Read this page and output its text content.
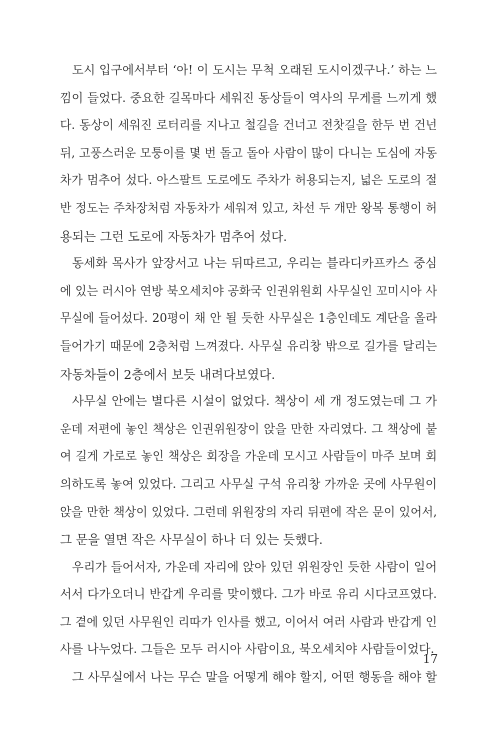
도시 입구에서부터 ‘아! 이 도시는 무척 오래된 도시이겠구나.’ 하는 느
낌이 들었다. 중요한 길목마다 세워진 동상들이 역사의 무게를 느끼게 했
다. 동상이 세워진 로터리를 지나고 철길을 건너고 전찻길을 한두 번 건넌
뒤, 고풍스러운 모퉁이를 몇 번 돌고 돌아 사람이 많이 다니는 도심에 자동
차가 멈추어 섰다. 아스팔트 도로에도 주차가 허용되는지, 넓은 도로의 절
반 정도는 주차장처럼 자동차가 세워져 있고, 차선 두 개만 왕복 통행이 허
용되는 그런 도로에 자동차가 멈추어 섰다.
동세화 목사가 앞장서고 나는 뒤따르고, 우리는 블라디카프카스 중심
에 있는 러시아 연방 북오세치야 공화국 인권위원회 사무실인 꼬미시아 사
무실에 들어섰다. 20평이 채 안 될 듯한 사무실은 1층인데도 계단을 올라
들어가기 때문에 2층처럼 느껴졌다. 사무실 유리창 밖으로 길가를 달리는
자동차들이 2층에서 보듯 내려다보였다.
사무실 안에는 별다른 시설이 없었다. 책상이 세 개 정도였는데 그 가
운데 저편에 놓인 책상은 인권위원장이 앉을 만한 자리였다. 그 책상에 붙
여 길게 가로로 놓인 책상은 회장을 가운데 모시고 사람들이 마주 보며 회
의하도록 놓여 있었다. 그리고 사무실 구석 유리창 가까운 곳에 사무원이
앉을 만한 책상이 있었다. 그런데 위원장의 자리 뒤편에 작은 문이 있어서,
그 문을 열면 작은 사무실이 하나 더 있는 듯했다.
우리가 들어서자, 가운데 자리에 앉아 있던 위원장인 듯한 사람이 일어
서서 다가오더니 반갑게 우리를 맞이했다. 그가 바로 유리 시다코프였다.
그 곁에 있던 사무원인 리따가 인사를 했고, 이어서 여러 사람과 반갑게 인
사를 나누었다. 그들은 모두 러시아 사람이요, 북오세치야 사람들이었다.
그 사무실에서 나는 무슨 말을 어떻게 해야 할지, 어떤 행동을 해야 할
17
